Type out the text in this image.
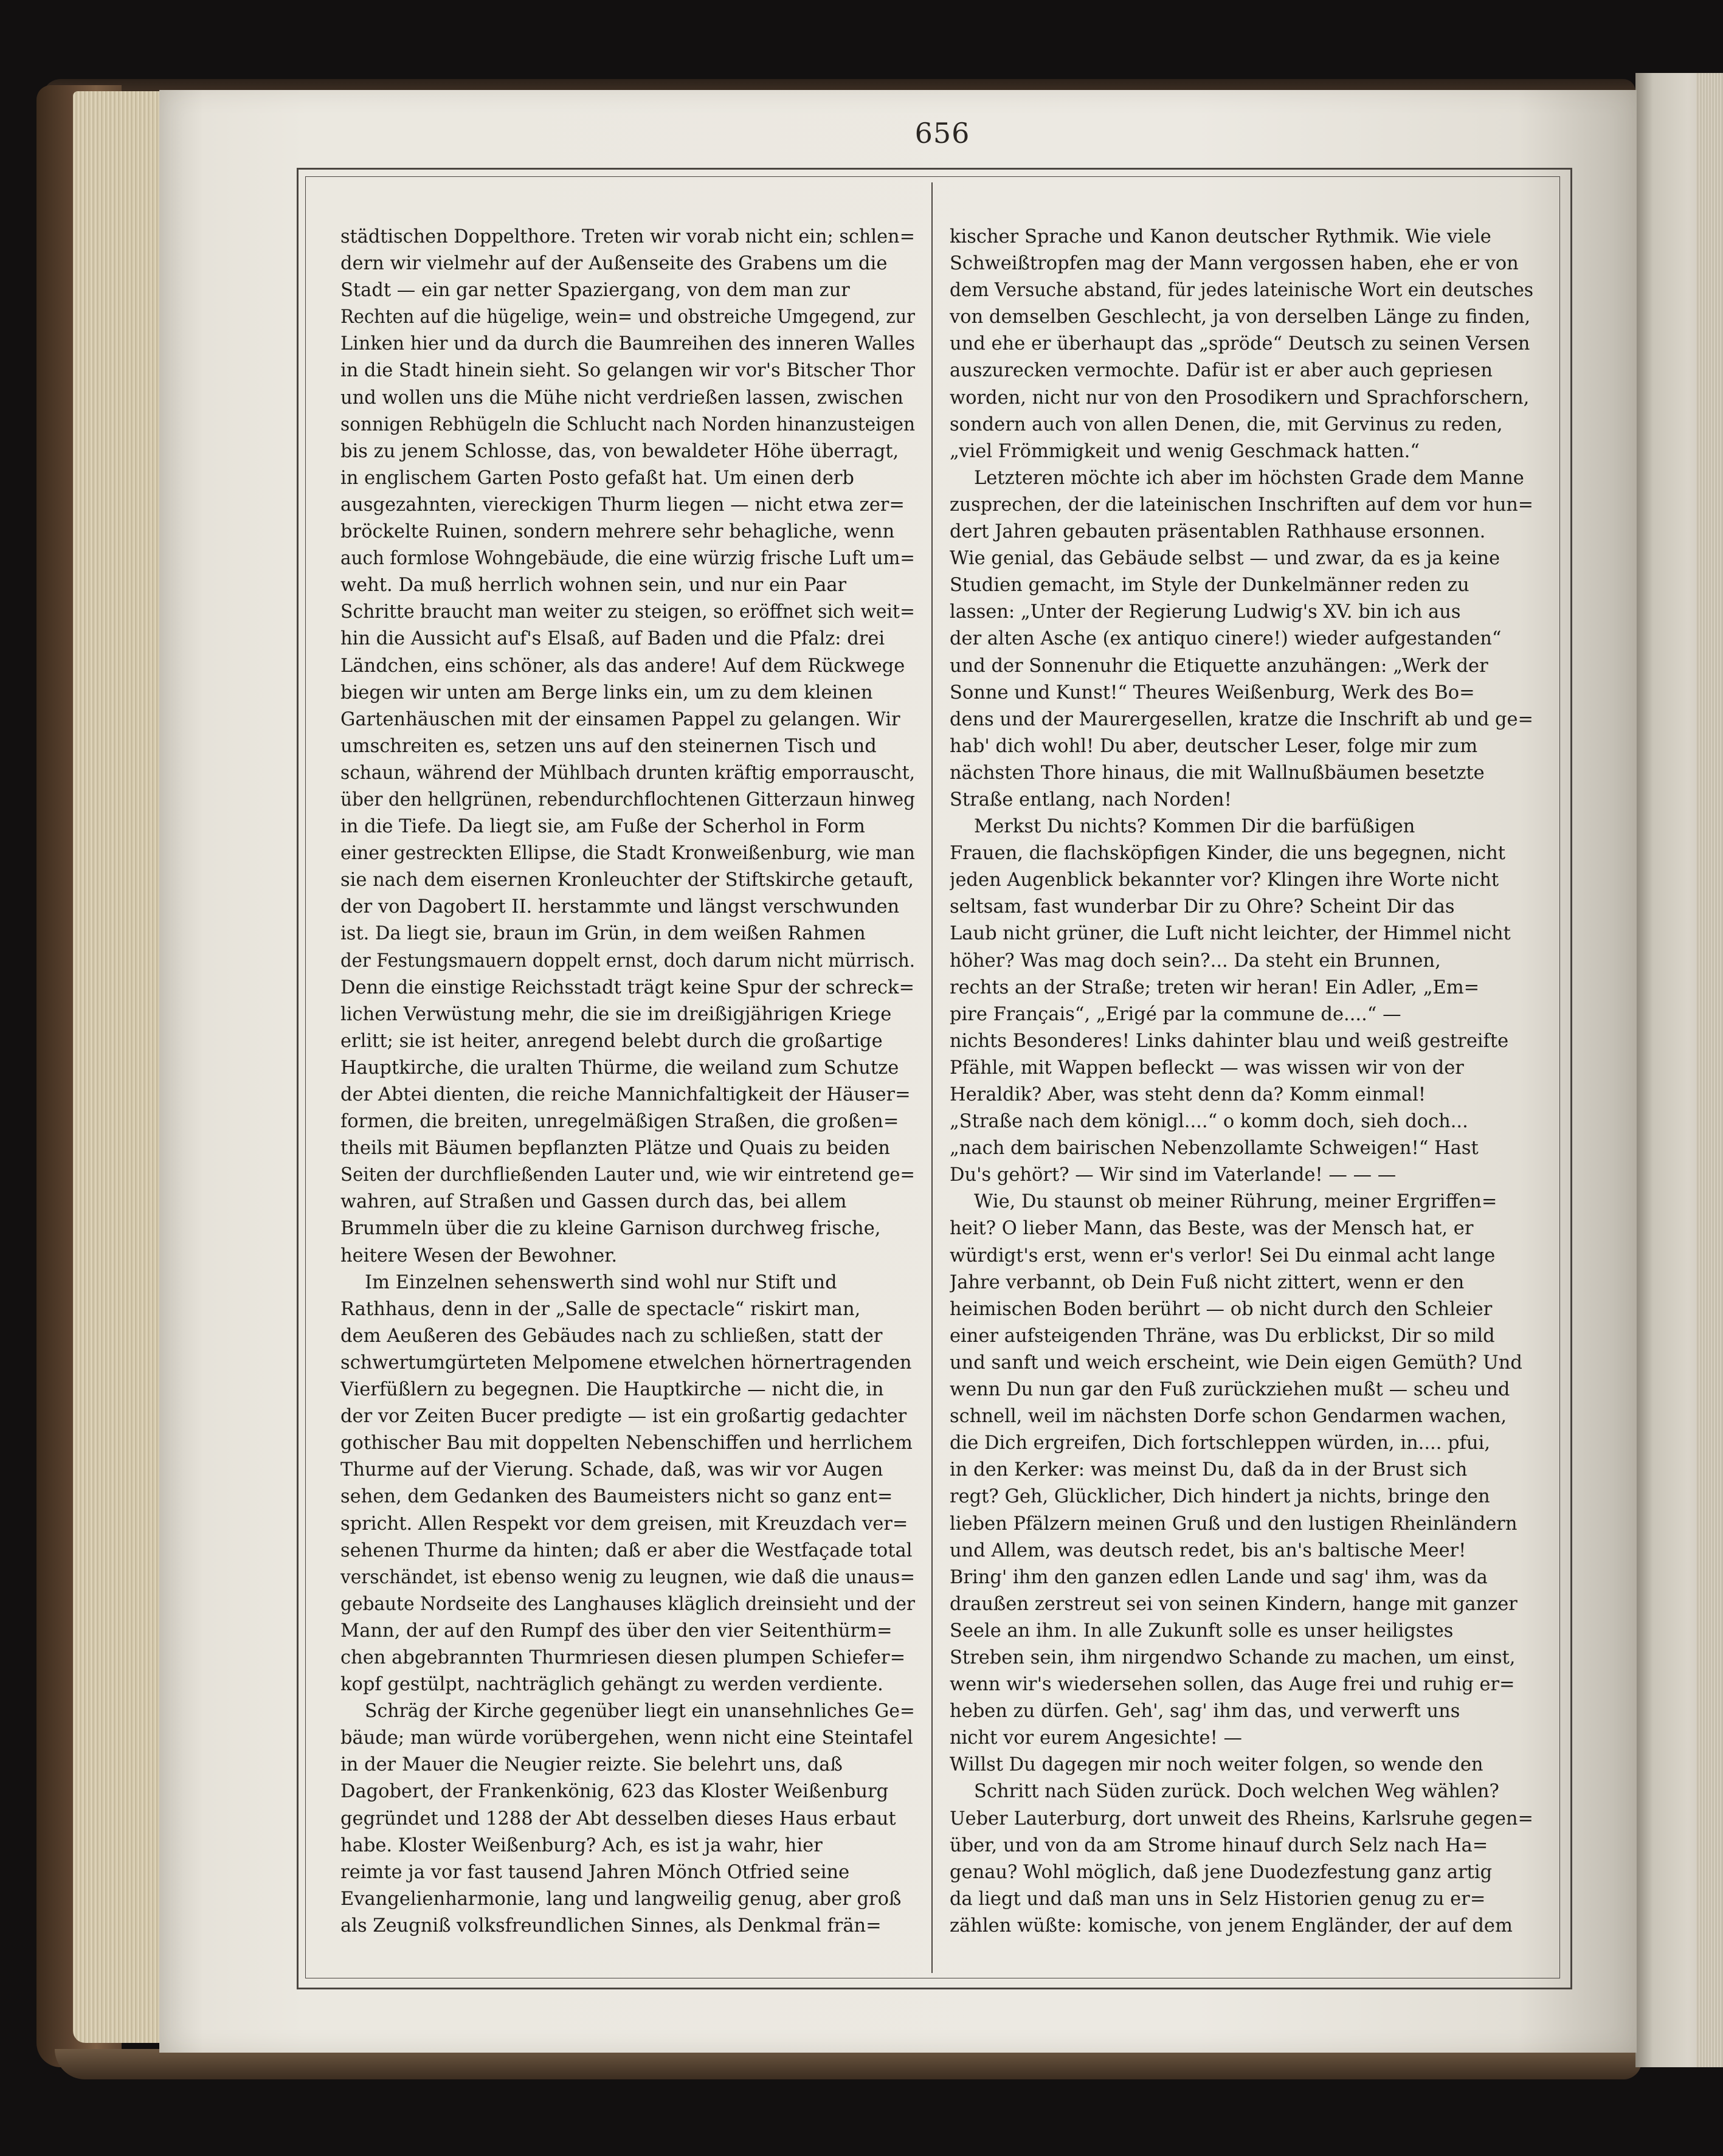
656
städtischen Doppelthore. Treten wir vorab nicht ein; schlen=
dern wir vielmehr auf der Außenseite des Grabens um die
Stadt — ein gar netter Spaziergang, von dem man zur
Rechten auf die hügelige, wein= und obstreiche Umgegend, zur
Linken hier und da durch die Baumreihen des inneren Walles
in die Stadt hinein sieht. So gelangen wir vor's Bitscher Thor
und wollen uns die Mühe nicht verdrießen lassen, zwischen
sonnigen Rebhügeln die Schlucht nach Norden hinanzusteigen
bis zu jenem Schlosse, das, von bewaldeter Höhe überragt,
in englischem Garten Posto gefaßt hat. Um einen derb
ausgezahnten, viereckigen Thurm liegen — nicht etwa zer=
bröckelte Ruinen, sondern mehrere sehr behagliche, wenn
auch formlose Wohngebäude, die eine würzig frische Luft um=
weht. Da muß herrlich wohnen sein, und nur ein Paar
Schritte braucht man weiter zu steigen, so eröffnet sich weit=
hin die Aussicht auf's Elsaß, auf Baden und die Pfalz: drei
Ländchen, eins schöner, als das andere! Auf dem Rückwege
biegen wir unten am Berge links ein, um zu dem kleinen
Gartenhäuschen mit der einsamen Pappel zu gelangen. Wir
umschreiten es, setzen uns auf den steinernen Tisch und
schaun, während der Mühlbach drunten kräftig emporrauscht,
über den hellgrünen, rebendurchflochtenen Gitterzaun hinweg
in die Tiefe. Da liegt sie, am Fuße der Scherhol in Form
einer gestreckten Ellipse, die Stadt Kronweißenburg, wie man
sie nach dem eisernen Kronleuchter der Stiftskirche getauft,
der von Dagobert II. herstammte und längst verschwunden
ist. Da liegt sie, braun im Grün, in dem weißen Rahmen
der Festungsmauern doppelt ernst, doch darum nicht mürrisch.
Denn die einstige Reichsstadt trägt keine Spur der schreck=
lichen Verwüstung mehr, die sie im dreißigjährigen Kriege
erlitt; sie ist heiter, anregend belebt durch die großartige
Hauptkirche, die uralten Thürme, die weiland zum Schutze
der Abtei dienten, die reiche Mannichfaltigkeit der Häuser=
formen, die breiten, unregelmäßigen Straßen, die großen=
theils mit Bäumen bepflanzten Plätze und Quais zu beiden
Seiten der durchfließenden Lauter und, wie wir eintretend ge=
wahren, auf Straßen und Gassen durch das, bei allem
Brummeln über die zu kleine Garnison durchweg frische,
heitere Wesen der Bewohner.
Im Einzelnen sehenswerth sind wohl nur Stift und
Rathhaus, denn in der „Salle de spectacle“ riskirt man,
dem Aeußeren des Gebäudes nach zu schließen, statt der
schwertumgürteten Melpomene etwelchen hörnertragenden
Vierfüßlern zu begegnen. Die Hauptkirche — nicht die, in
der vor Zeiten Bucer predigte — ist ein großartig gedachter
gothischer Bau mit doppelten Nebenschiffen und herrlichem
Thurme auf der Vierung. Schade, daß, was wir vor Augen
sehen, dem Gedanken des Baumeisters nicht so ganz ent=
spricht. Allen Respekt vor dem greisen, mit Kreuzdach ver=
sehenen Thurme da hinten; daß er aber die Westfaçade total
verschändet, ist ebenso wenig zu leugnen, wie daß die unaus=
gebaute Nordseite des Langhauses kläglich dreinsieht und der
Mann, der auf den Rumpf des über den vier Seitenthürm=
chen abgebrannten Thurmriesen diesen plumpen Schiefer=
kopf gestülpt, nachträglich gehängt zu werden verdiente.
Schräg der Kirche gegenüber liegt ein unansehnliches Ge=
bäude; man würde vorübergehen, wenn nicht eine Steintafel
in der Mauer die Neugier reizte. Sie belehrt uns, daß
Dagobert, der Frankenkönig, 623 das Kloster Weißenburg
gegründet und 1288 der Abt desselben dieses Haus erbaut
habe. Kloster Weißenburg? Ach, es ist ja wahr, hier
reimte ja vor fast tausend Jahren Mönch Otfried seine
Evangelienharmonie, lang und langweilig genug, aber groß
als Zeugniß volksfreundlichen Sinnes, als Denkmal frän=
kischer Sprache und Kanon deutscher Rythmik. Wie viele
Schweißtropfen mag der Mann vergossen haben, ehe er von
dem Versuche abstand, für jedes lateinische Wort ein deutsches
von demselben Geschlecht, ja von derselben Länge zu finden,
und ehe er überhaupt das „spröde“ Deutsch zu seinen Versen
auszurecken vermochte. Dafür ist er aber auch gepriesen
worden, nicht nur von den Prosodikern und Sprachforschern,
sondern auch von allen Denen, die, mit Gervinus zu reden,
„viel Frömmigkeit und wenig Geschmack hatten.“
Letzteren möchte ich aber im höchsten Grade dem Manne
zusprechen, der die lateinischen Inschriften auf dem vor hun=
dert Jahren gebauten präsentablen Rathhause ersonnen.
Wie genial, das Gebäude selbst — und zwar, da es ja keine
Studien gemacht, im Style der Dunkelmänner reden zu
lassen: „Unter der Regierung Ludwig's XV. bin ich aus
der alten Asche (ex antiquo cinere!) wieder aufgestanden“
und der Sonnenuhr die Etiquette anzuhängen: „Werk der
Sonne und Kunst!“ Theures Weißenburg, Werk des Bo=
dens und der Maurergesellen, kratze die Inschrift ab und ge=
hab' dich wohl! Du aber, deutscher Leser, folge mir zum
nächsten Thore hinaus, die mit Wallnußbäumen besetzte
Straße entlang, nach Norden!
Merkst Du nichts? Kommen Dir die barfüßigen
Frauen, die flachsköpfigen Kinder, die uns begegnen, nicht
jeden Augenblick bekannter vor? Klingen ihre Worte nicht
seltsam, fast wunderbar Dir zu Ohre? Scheint Dir das
Laub nicht grüner, die Luft nicht leichter, der Himmel nicht
höher? Was mag doch sein?... Da steht ein Brunnen,
rechts an der Straße; treten wir heran! Ein Adler, „Em=
pire Français“, „Erigé par la commune de....“ —
nichts Besonderes! Links dahinter blau und weiß gestreifte
Pfähle, mit Wappen befleckt — was wissen wir von der
Heraldik? Aber, was steht denn da? Komm einmal!
„Straße nach dem königl....“ o komm doch, sieh doch...
„nach dem bairischen Nebenzollamte Schweigen!“ Hast
Du's gehört? — Wir sind im Vaterlande! — — —
Wie, Du staunst ob meiner Rührung, meiner Ergriffen=
heit? O lieber Mann, das Beste, was der Mensch hat, er
würdigt's erst, wenn er's verlor! Sei Du einmal acht lange
Jahre verbannt, ob Dein Fuß nicht zittert, wenn er den
heimischen Boden berührt — ob nicht durch den Schleier
einer aufsteigenden Thräne, was Du erblickst, Dir so mild
und sanft und weich erscheint, wie Dein eigen Gemüth? Und
wenn Du nun gar den Fuß zurückziehen mußt — scheu und
schnell, weil im nächsten Dorfe schon Gendarmen wachen,
die Dich ergreifen, Dich fortschleppen würden, in.... pfui,
in den Kerker: was meinst Du, daß da in der Brust sich
regt? Geh, Glücklicher, Dich hindert ja nichts, bringe den
lieben Pfälzern meinen Gruß und den lustigen Rheinländern
und Allem, was deutsch redet, bis an's baltische Meer!
Bring' ihm den ganzen edlen Lande und sag' ihm, was da
draußen zerstreut sei von seinen Kindern, hange mit ganzer
Seele an ihm. In alle Zukunft solle es unser heiligstes
Streben sein, ihm nirgendwo Schande zu machen, um einst,
wenn wir's wiedersehen sollen, das Auge frei und ruhig er=
heben zu dürfen. Geh', sag' ihm das, und verwerft uns
nicht vor eurem Angesichte! —
Willst Du dagegen mir noch weiter folgen, so wende den
Schritt nach Süden zurück. Doch welchen Weg wählen?
Ueber Lauterburg, dort unweit des Rheins, Karlsruhe gegen=
über, und von da am Strome hinauf durch Selz nach Ha=
genau? Wohl möglich, daß jene Duodezfestung ganz artig
da liegt und daß man uns in Selz Historien genug zu er=
zählen wüßte: komische, von jenem Engländer, der auf dem
